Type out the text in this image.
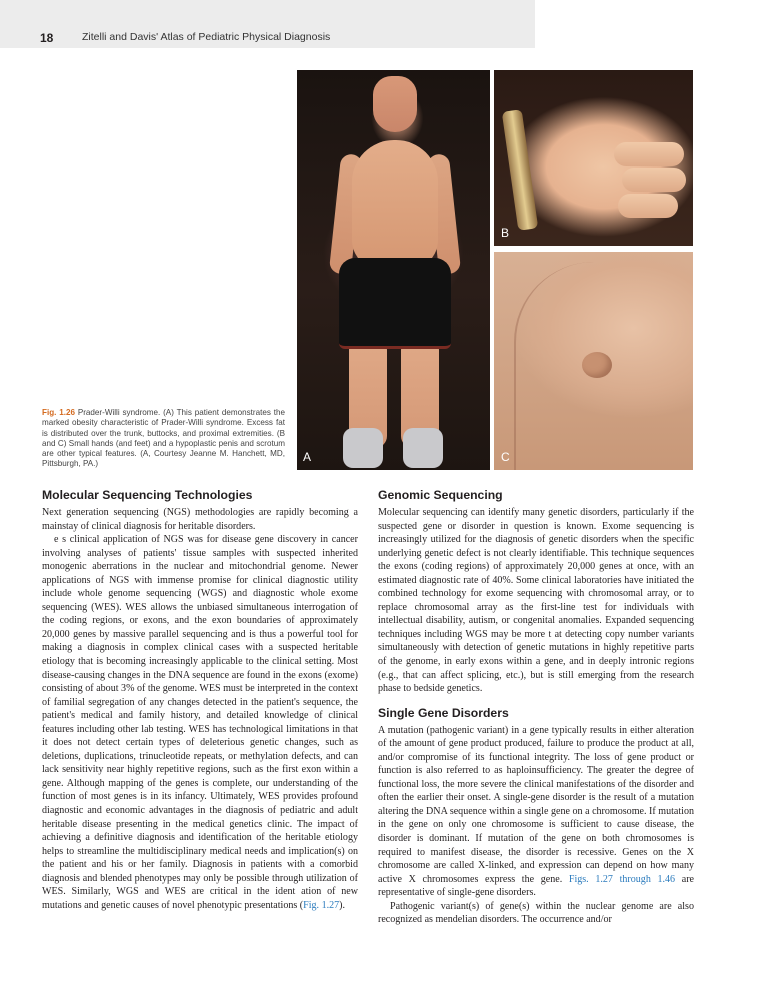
18	Zitelli and Davis' Atlas of Pediatric Physical Diagnosis
A
B
C
Fig. 1.26 Prader-Willi syndrome. (A) This patient demonstrates the marked obesity characteristic of Prader-Willi syndrome. Excess fat is distributed over the trunk, buttocks, and proximal extremities. (B and C) Small hands (and feet) and a hypoplastic penis and scrotum are other typical features. (A, Courtesy Jeanne M. Hanchett, MD, Pittsburgh, PA.)
Molecular Sequencing Technologies

Next generation sequencing (NGS) methodologies are rapidly becoming a mainstay of clinical diagnosis for heritable disorders.

e s clinical application of NGS was for disease gene discovery in cancer involving analyses of patients' tissue samples with suspected inherited monogenic aberrations in the nuclear and mitochondrial genome. Newer applications of NGS with immense promise for clinical diagnostic utility include whole genome sequencing (WGS) and diagnostic whole exome sequencing (WES). WES allows the unbiased simultaneous interrogation of the coding regions, or exons, and the exon boundaries of approximately 20,000 genes by massive parallel sequencing and is thus a powerful tool for making a diagnosis in complex clinical cases with a suspected heritable etiology that is becoming increasingly applicable to the clinical setting. Most disease-causing changes in the DNA sequence are found in the exons (exome) consisting of about 3% of the genome. WES must be interpreted in the context of familial segregation of any changes detected in the patient's sequence, the patient's medical and family history, and detailed knowledge of clinical features including other lab testing. WES has technological limitations in that it does not detect certain types of deleterious genetic changes, such as deletions, duplications, trinucleotide repeats, or methylation defects, and can lack sensitivity near highly repetitive regions, such as the first exon within a gene. Although mapping of the genes is complete, our understanding of the function of most genes is in its infancy. Ultimately, WES provides profound diagnostic and economic advantages in the diagnosis of pediatric and adult heritable disease presenting in the medical genetics clinic. The impact of achieving a definitive diagnosis and identification of the heritable etiology helps to streamline the multidisciplinary medical needs and implication(s) on the patient and his or her family. Diagnosis in patients with a comorbid diagnosis and blended phenotypes may only be possible through utilization of WES. Similarly, WGS and WES are critical in the ident ation of new mutations and genetic causes of novel phenotypic presentations (Fig. 1.27).

Genomic Sequencing

Molecular sequencing can identify many genetic disorders, particularly if the suspected gene or disorder in question is known. Exome sequencing is increasingly utilized for the diagnosis of genetic disorders when the specific underlying genetic defect is not clearly identifiable. This technique sequences the exons (coding regions) of approximately 20,000 genes at once, with an estimated diagnostic rate of 40%. Some clinical laboratories have initiated the combined technology for exome sequencing with chromosomal array, or to replace chromosomal array as the first-line test for individuals with intellectual disability, autism, or congenital anomalies. Expanded sequencing techniques including WGS may be more t at detecting copy number variants simultaneously with detection of genetic mutations in highly repetitive parts of the genome, in early exons within a gene, and in deeply intronic regions (e.g., that can affect splicing, etc.), but is still emerging from the research phase to bedside genetics.

Single Gene Disorders

A mutation (pathogenic variant) in a gene typically results in either alteration of the amount of gene product produced, failure to produce the product at all, and/or compromise of its functional integrity. The loss of gene product or function is also referred to as haploinsufficiency. The greater the degree of functional loss, the more severe the clinical manifestations of the disorder and often the earlier their onset. A single-gene disorder is the result of a mutation altering the DNA sequence within a single gene on a chromosome. If mutation in the gene on only one chromosome is sufficient to cause disease, the disorder is dominant. If mutation of the gene on both chromosomes is required to manifest disease, the disorder is recessive. Genes on the X chromosome are called X-linked, and expression can depend on how many active X chromosomes express the gene. Figs. 1.27 through 1.46 are representative of single-gene disorders.

Pathogenic variant(s) of gene(s) within the nuclear genome are also recognized as mendelian disorders. The occurrence and/or
